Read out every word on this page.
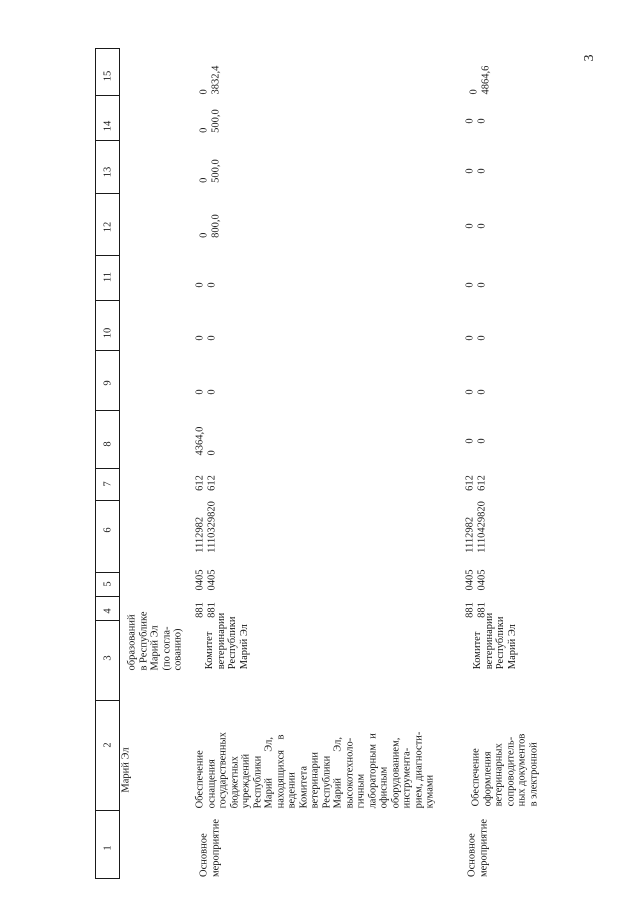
3
1
2
3
4
5
6
7
8
9
10
11
12
13
14
15
Марий Эл
образований
в Республике
Марий Эл
(по согла-
сованию)
Основное
мероприятие
Обеспечение
оснащения
государственных
бюджетных
учреждений
Республики
Марий          Эл,
находящихся    в
ведении
Комитета
ветеринарии
Республики
Марий          Эл,
высокотехноло-
гичным
лабораторным  и
офисным
оборудованием,
инструмента-
рием, диагности-
кумами
Комитет
ветеринарии
Республики
Марий Эл
881
881
0405
0405
1112982
1110329820
612
612
4364,0
0
0
0
0
0
0
0
0
800,0
0
500,0
0
500,0
0
3832,4
Основное
мероприятие
Обеспечение
оформления
ветеринарных
сопроводитель-
ных документов
в электронной
Комитет
ветеринарии
Республики
Марий Эл
881
881
0405
0405
1112982
1110429820
612
612
0
0
0
0
0
0
0
0
0
0
0
0
0
0
0
4864,6
